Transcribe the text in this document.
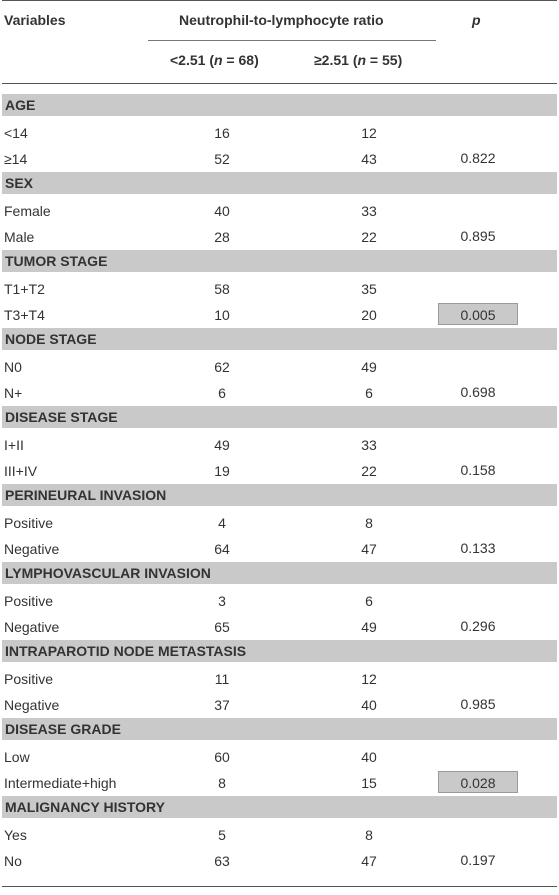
Variables	Neutrophil-to-lymphocyte ratio	p
<2.51 (n = 68)	≥2.51 (n = 55)
AGE
<14	16	12
≥14	52	43	0.822
SEX
Female	40	33
Male	28	22	0.895
TUMOR STAGE
T1+T2	58	35
T3+T4	10	20	0.005
NODE STAGE
N0	62	49
N+	6	6	0.698
DISEASE STAGE
I+II	49	33
III+IV	19	22	0.158
PERINEURAL INVASION
Positive	4	8
Negative	64	47	0.133
LYMPHOVASCULAR INVASION
Positive	3	6
Negative	65	49	0.296
INTRAPAROTID NODE METASTASIS
Positive	11	12
Negative	37	40	0.985
DISEASE GRADE
Low	60	40
Intermediate+high	8	15	0.028
MALIGNANCY HISTORY
Yes	5	8
No	63	47	0.197
